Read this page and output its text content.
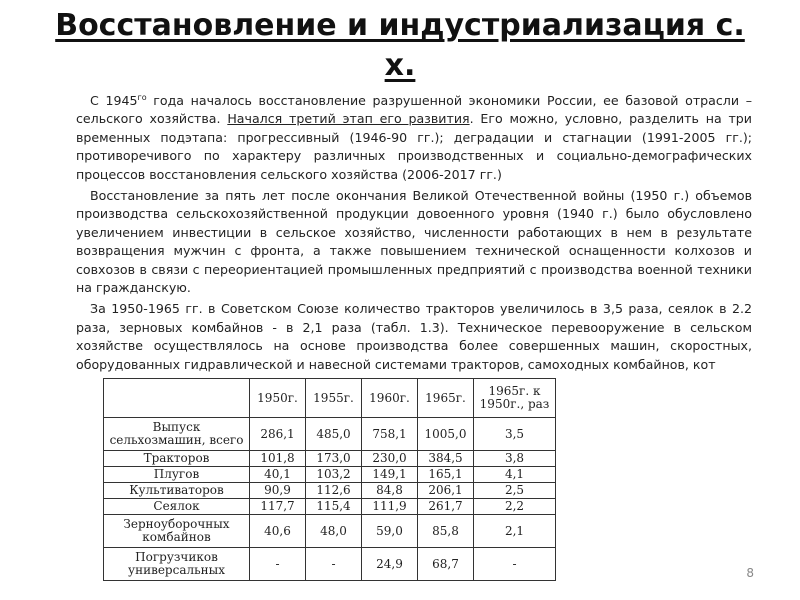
Восстановление и индустриализация с. х.

С $1945^{го}$ года началось восстановление разрушенной экономики России, ее базовой отрасли – сельского хозяйства. Начался третий этап его развития. Его можно, условно, разделить на три временных подэтапа: прогрессивный (1946-90 гг.); деградации и стагнации (1991-2005 гг.); противоречивого по характеру различных производственных и социально-демографических процессов восстановления сельского хозяйства (2006-2017 гг.)

Восстановление за пять лет после окончания Великой Отечественной войны (1950 г.) объемов производства сельскохозяйственной продукции довоенного уровня (1940 г.) было обусловлено увеличением инвестиции в сельское хозяйство, численности работающих в нем в результате возвращения мужчин с фронта, а также повышением технической оснащенности колхозов и совхозов в связи с переориентацией промышленных предприятий с производства военной техники на гражданскую.

За 1950-1965 гг. в Советском Союзе количество тракторов увеличилось в 3,5 раза, сеялок в 2.2 раза, зерновых комбайнов - в 2,1 раза (табл. 1.3). Техническое перевооружение в сельском хозяйстве осуществлялось на основе производства более совершенных машин, скоростных, оборудованных гидравлической и навесной системами тракторов, самоходных комбайнов, кот

	1950г.	1955г.	1960г.	1965г.	1965г. к 1950г., раз
Выпуск сельхозмашин, всего	286,1	485,0	758,1	1005,0	3,5
Тракторов	101,8	173,0	230,0	384,5	3,8
Плугов	40,1	103,2	149,1	165,1	4,1
Культиваторов	90,9	112,6	84,8	206,1	2,5
Сеялок	117,7	115,4	111,9	261,7	2,2
Зерноуборочных комбайнов	40,6	48,0	59,0	85,8	2,1
Погрузчиков универсальных	-	-	24,9	68,7	-
8
